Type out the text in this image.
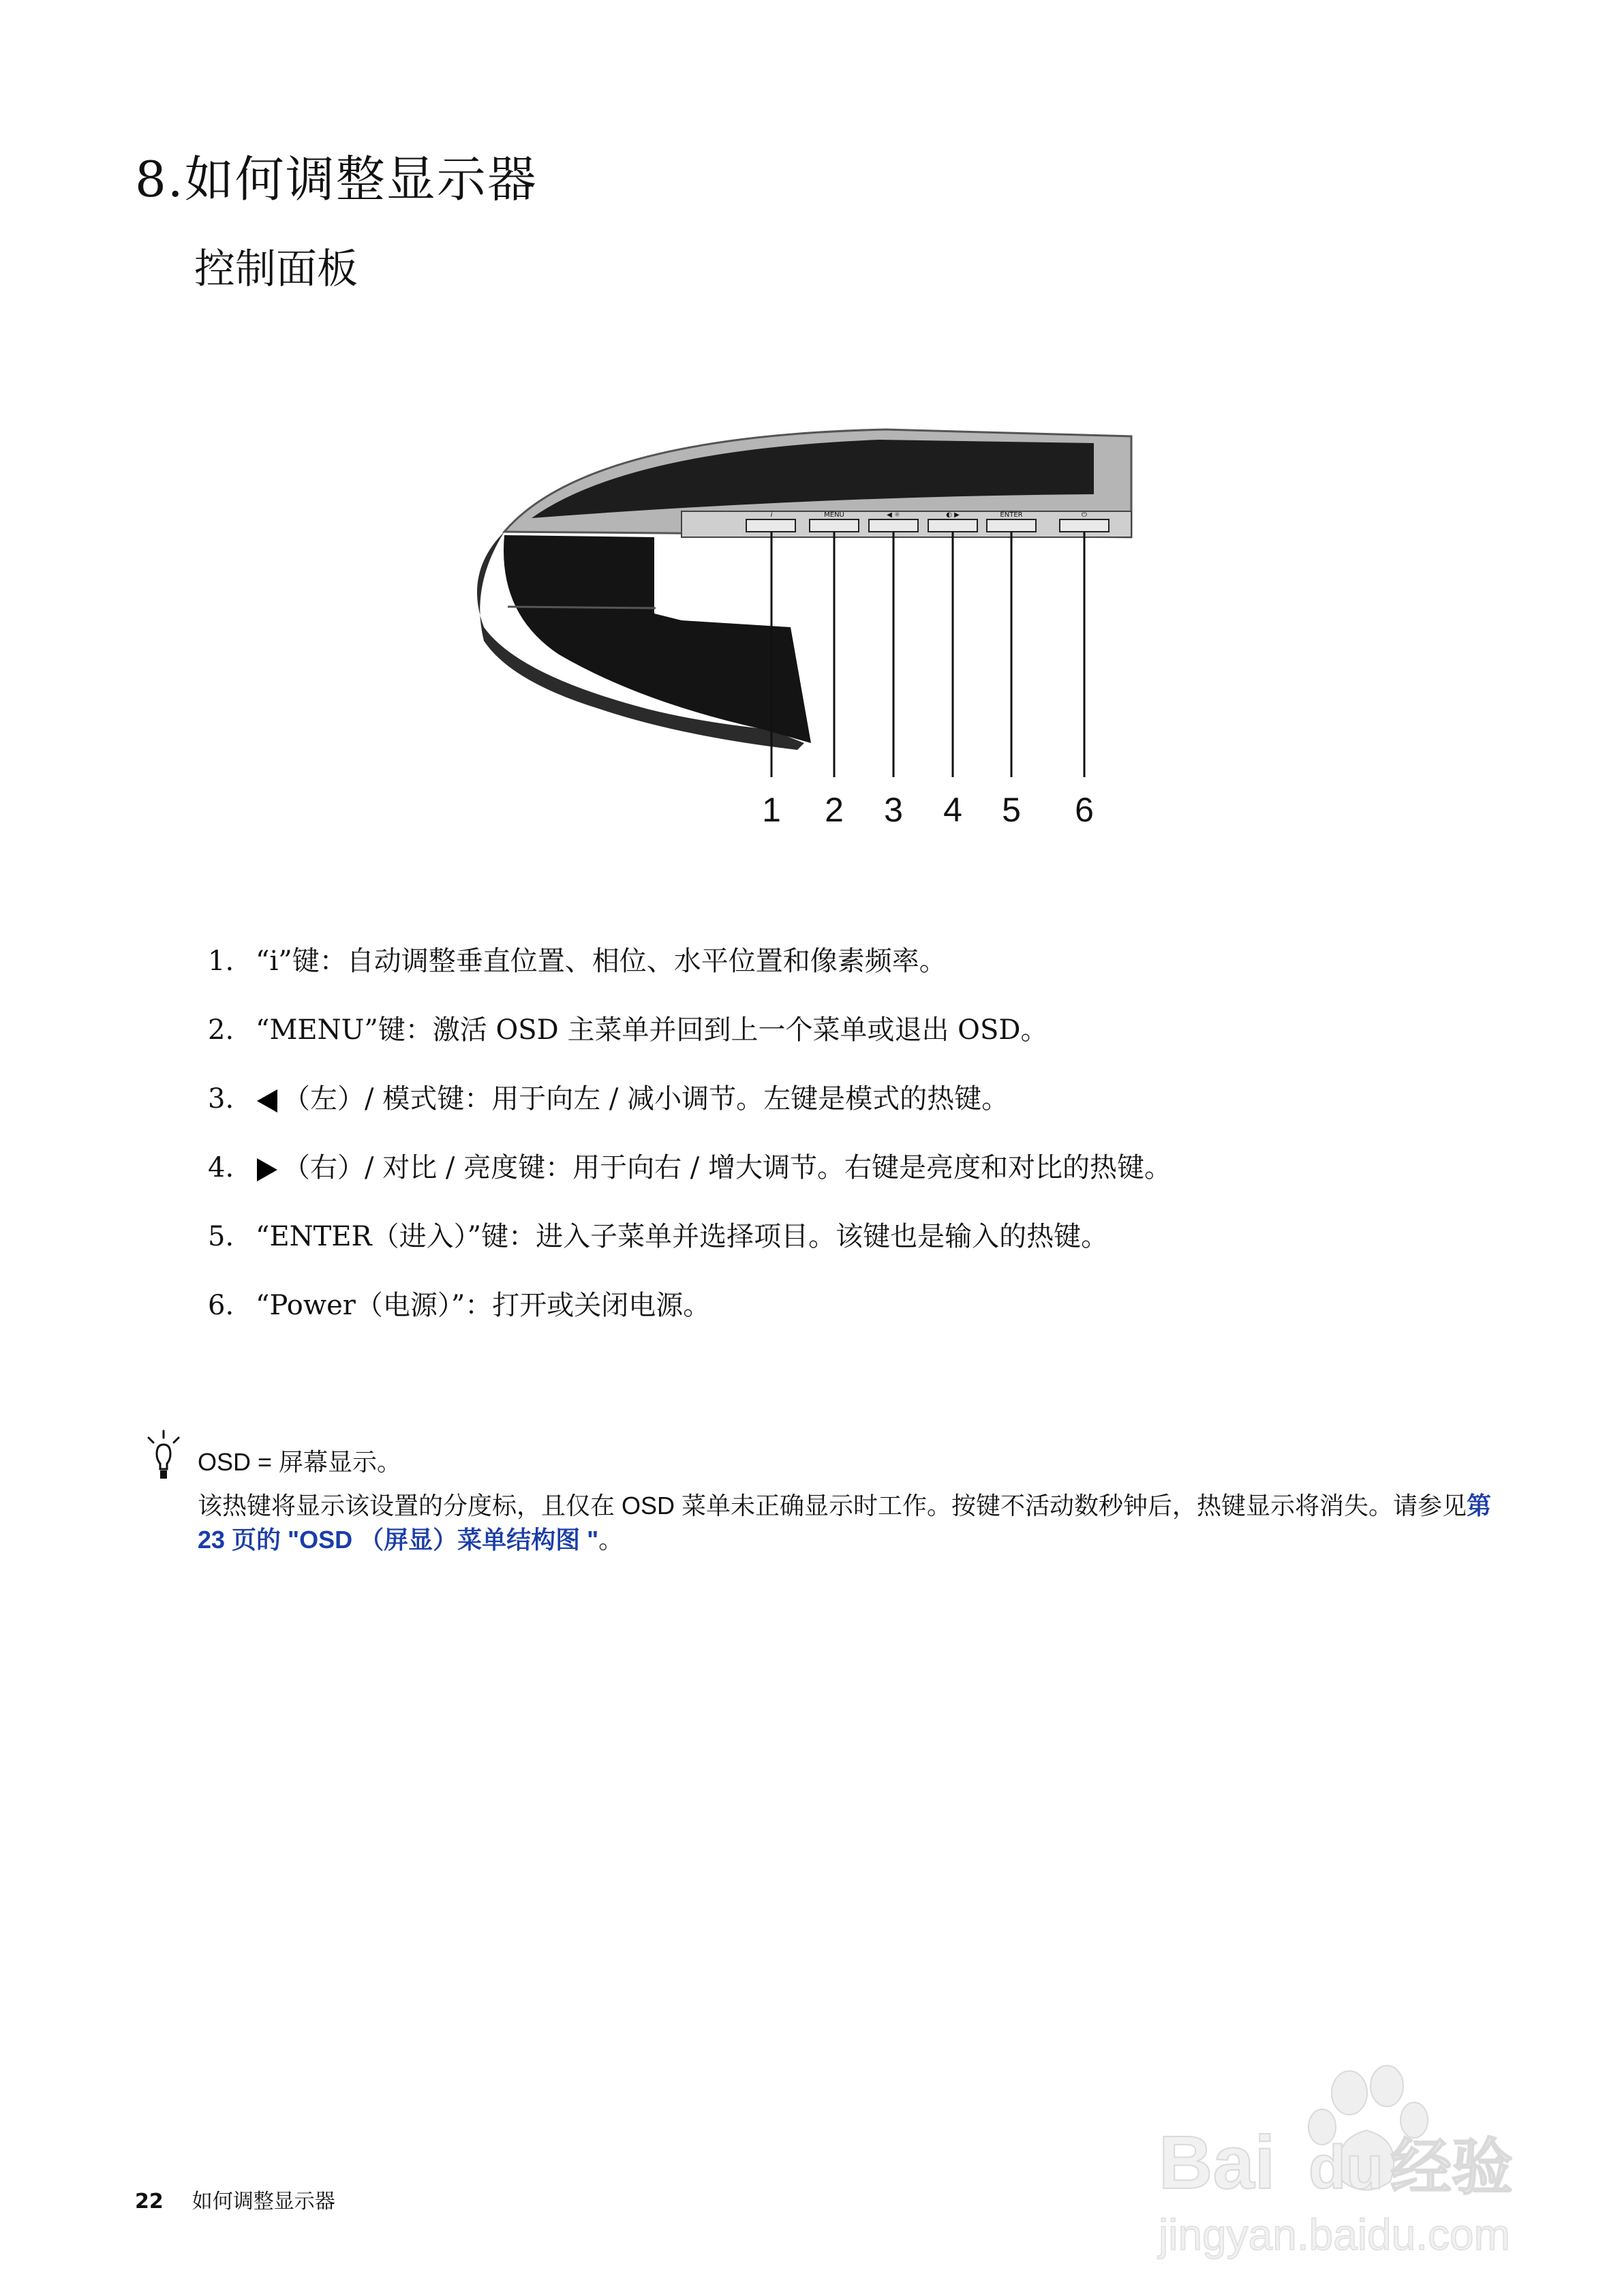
8.如何调整显示器
控制面板
i	MENU	◀ ☼	◐ ▶	ENTER	⏻
1 2 3 4 5 6
1. “i”键：自动调整垂直位置、相位、水平位置和像素频率。
2. “MENU”键：激活 OSD 主菜单并回到上一个菜单或退出 OSD。
3. （左）/ 模式键：用于向左 / 减小调节。左键是模式的热键。
4. （右）/ 对比 / 亮度键：用于向右 / 增大调节。右键是亮度和对比的热键。
5. “ENTER（进入）”键：进入子菜单并选择项目。该键也是输入的热键。
6. “Power（电源）”：打开或关闭电源。
OSD = 屏幕显示。
该热键将显示该设置的分度标，且仅在 OSD 菜单未正确显示时工作。按键不活动数秒钟后，热键显示将消失。请参见第 23 页的 "OSD （屏显）菜单结构图 "。
22 如何调整显示器	Bai du 经验
jingyan.baidu.com
